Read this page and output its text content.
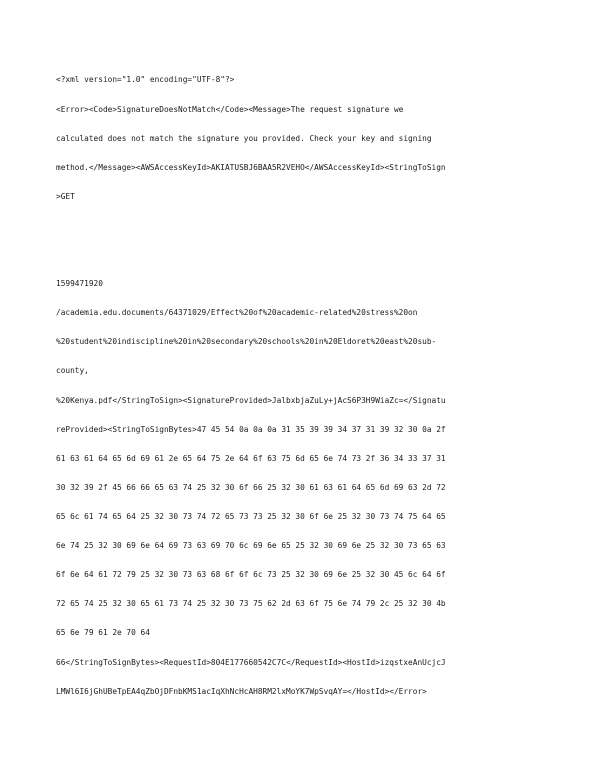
<?xml version="1.0" encoding="UTF-8"?>

<Error><Code>SignatureDoesNotMatch</Code><Message>The request signature we

calculated does not match the signature you provided. Check your key and signing

method.</Message><AWSAccessKeyId>AKIATUSBJ6BAA5R2VEHO</AWSAccessKeyId><StringToSign

>GET

1599471920

/academia.edu.documents/64371029/Effect%20of%20academic-related%20stress%20on

%20student%20indiscipline%20in%20secondary%20schools%20in%20Eldoret%20east%20sub-

county,

%20Kenya.pdf</StringToSign><SignatureProvided>JalbxbjaZuLy+jAcS6P3H9WiaZc=</Signatu

reProvided><StringToSignBytes>47 45 54 0a 0a 0a 31 35 39 39 34 37 31 39 32 30 0a 2f

61 63 61 64 65 6d 69 61 2e 65 64 75 2e 64 6f 63 75 6d 65 6e 74 73 2f 36 34 33 37 31

30 32 39 2f 45 66 66 65 63 74 25 32 30 6f 66 25 32 30 61 63 61 64 65 6d 69 63 2d 72

65 6c 61 74 65 64 25 32 30 73 74 72 65 73 73 25 32 30 6f 6e 25 32 30 73 74 75 64 65

6e 74 25 32 30 69 6e 64 69 73 63 69 70 6c 69 6e 65 25 32 30 69 6e 25 32 30 73 65 63

6f 6e 64 61 72 79 25 32 30 73 63 68 6f 6f 6c 73 25 32 30 69 6e 25 32 30 45 6c 64 6f

72 65 74 25 32 30 65 61 73 74 25 32 30 73 75 62 2d 63 6f 75 6e 74 79 2c 25 32 30 4b

65 6e 79 61 2e 70 64

66</StringToSignBytes><RequestId>804E177660542C7C</RequestId><HostId>izqstxeAnUcjcJ

LMWl6I6jGhUBeTpEA4qZbOjDFnbKMS1acIqXhNcHcAH8RM2lxMoYK7WpSvqAY=</HostId></Error>
